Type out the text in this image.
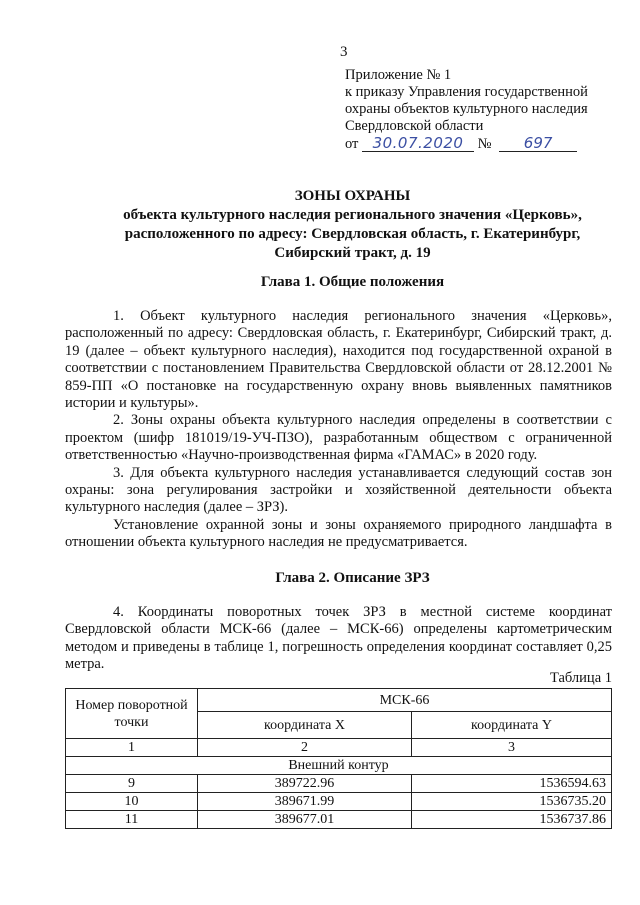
3
Приложение № 1
к приказу Управления государственной
охраны объектов культурного наследия
Свердловской области
от 30.07.2020 № 697
ЗОНЫ ОХРАНЫ
объекта культурного наследия регионального значения «Церковь»,
расположенного по адресу: Свердловская область, г. Екатеринбург,
Сибирский тракт, д. 19
Глава 1. Общие положения

1. Объект культурного наследия регионального значения «Церковь», расположенный по адресу: Свердловская область, г. Екатеринбург, Сибирский тракт, д. 19 (далее – объект культурного наследия), находится под государственной охраной в соответствии с постановлением Правительства Свердловской области от 28.12.2001 № 859-ПП «О постановке на государственную охрану вновь выявленных памятников истории и культуры».

2. Зоны охраны объекта культурного наследия определены в соответствии с проектом (шифр 181019/19-УЧ-ПЗО), разработанным обществом с ограниченной ответственностью «Научно-производственная фирма «ГАМАС» в 2020 году.

3. Для объекта культурного наследия устанавливается следующий состав зон охраны: зона регулирования застройки и хозяйственной деятельности объекта культурного наследия (далее – ЗРЗ).

Установление охранной зоны и зоны охраняемого природного ландшафта в отношении объекта культурного наследия не предусматривается.

Глава 2. Описание ЗРЗ

4. Координаты поворотных точек ЗРЗ в местной системе координат Свердловской области МСК-66 (далее – МСК-66) определены картометрическим методом и приведены в таблице 1, погрешность определения координат составляет 0,25 метра.

Таблица 1
Номер поворотной точки	МСК-66	
	координата X	координата Y
1	2	3
Внешний контур		
9	389722.96	1536594.63
10	389671.99	1536735.20
11	389677.01	1536737.86
